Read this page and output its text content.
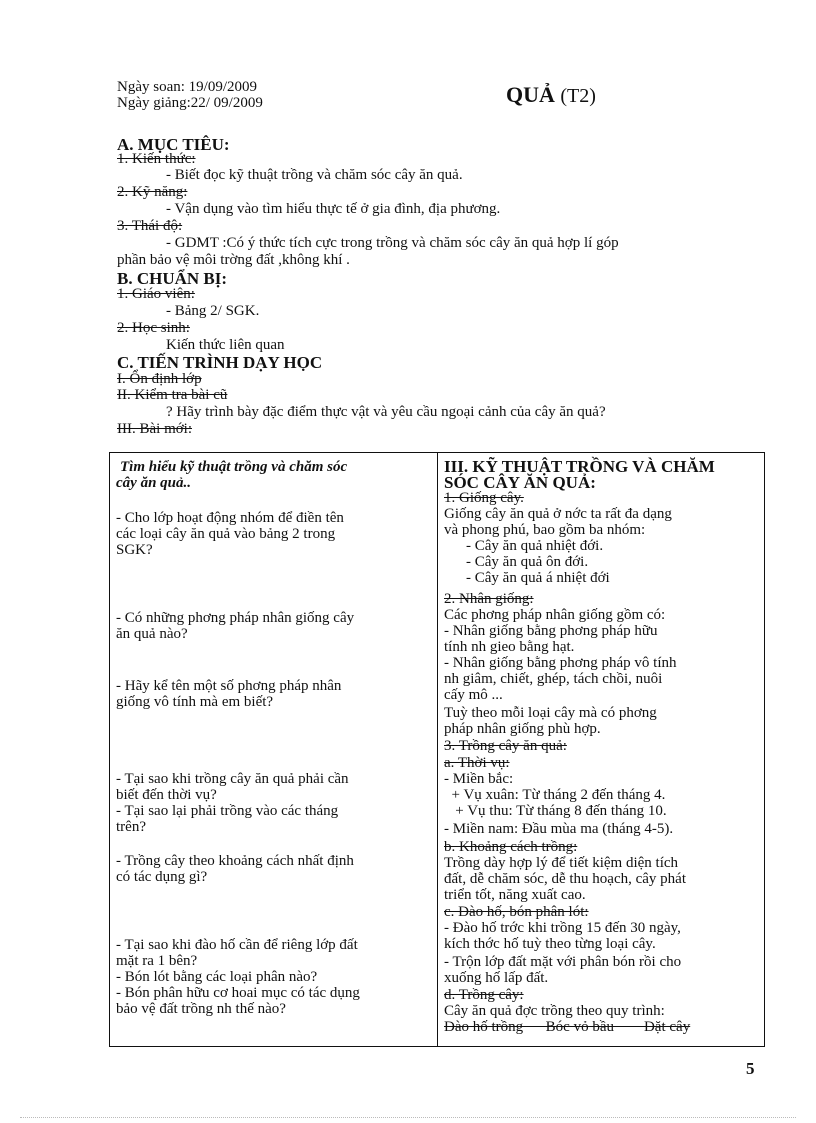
Ngày soan: 19/09/2009
Ngày giảng:22/ 09/2009	QUẢ (T2)
A. MỤC TIÊU:
1. Kiến thức:
- Biết đọc kỹ thuật trồng và chăm sóc cây ăn quả.
2. Kỹ năng:
- Vận dụng vào tìm hiểu thực tế ở gia đình, địa phương.
3. Thái độ:
- GDMT :Có ý thức tích cực trong trồng và chăm sóc cây ăn quả hợp lí góp
phần bảo vệ môi trờng đất ,không khí .
B. CHUẨN BỊ:
1. Giáo viên:
- Bảng 2/ SGK.
2. Học sinh:
Kiến thức liên quan
C. TIẾN TRÌNH DẠY HỌC
I. Ổn định lớp
II. Kiểm tra bài cũ
? Hãy trình bày đặc điểm thực vật và yêu cầu ngoại cảnh của cây ăn quả?
III. Bài mới:
Tìm hiểu kỹ thuật trồng và chăm sóc
cây ăn quả..
- Cho lớp hoạt động nhóm để điền tên
các loại cây ăn quả vào bảng 2 trong
SGK?
- Có những phơng pháp nhân giống cây
ăn quả nào?
- Hãy kể tên một số phơng pháp nhân
giống vô tính mà em biết?
- Tại sao khi trồng cây ăn quả phải cần
biết đến thời vụ?
- Tại sao lại phải trồng vào các tháng
trên?
- Trồng cây theo khoảng cách nhất định
có tác dụng gì?
- Tại sao khi đào hố cần để riêng lớp đất
mặt ra 1 bên?
- Bón lót bằng các loại phân nào?
- Bón phân hữu cơ hoai mục có tác dụng
bảo vệ đất trồng nh thế nào?

III. KỸ THUẬT TRỒNG VÀ CHĂM
SÓC CÂY ĂN QUẢ:
1. Giống cây.
Giống cây ăn quả ở nớc ta rất đa dạng
và phong phú, bao gồm ba nhóm:
- Cây ăn quả nhiệt đới.
- Cây ăn quả ôn đới.
- Cây ăn quả á nhiệt đới
2. Nhân giống:
Các phơng pháp nhân giống gồm có:
- Nhân giống bằng phơng pháp hữu
tính nh gieo bằng hạt.
- Nhân giống bằng phơng pháp vô tính
nh giâm, chiết, ghép, tách chồi, nuôi
cấy mô ...
Tuỳ theo mỗi loại cây mà có phơng
pháp nhân giống phù hợp.
3. Trồng cây ăn quả:
a. Thời vụ:
- Miền bắc:
+ Vụ xuân: Từ tháng 2 đến tháng 4.
+ Vụ thu: Từ tháng 8 đến tháng 10.
- Miền nam: Đầu mùa ma (tháng 4-5).
b. Khoảng cách trồng:
Trồng dày hợp lý để tiết kiệm diện tích
đất, dễ chăm sóc, dễ thu hoạch, cây phát
triển tốt, năng xuất cao.
c. Đào hố, bón phân lót:
- Đào hố trớc khi trồng 15 đến 30 ngày,
kích thớc hố tuỳ theo từng loại cây.
- Trộn lớp đất mặt với phân bón rồi cho
xuống hố lấp đất.
d. Trồng cây:
Cây ăn quả đợc trồng theo quy trình:
Đào hố trồng      Bóc vỏ bầu        Đặt cây
5
